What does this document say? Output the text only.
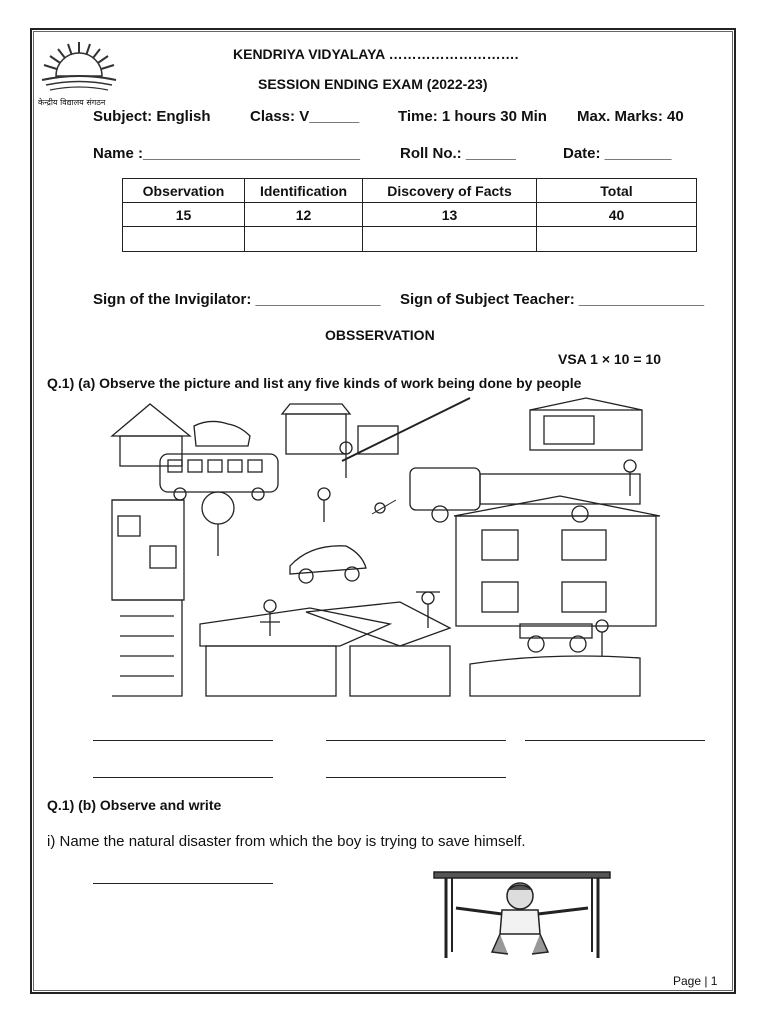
केन्द्रीय विद्यालय संगठन
KENDRIYA VIDYALAYA ……………………….
SESSION ENDING EXAM (2022-23)
Subject: English	Class: V______	Time: 1 hours 30 Min Max. Marks: 40
Name :__________________________	Roll No.: ______	Date: ________
Observation	Identification	Discovery of Facts	Total
15	12	13	40

Sign of the Invigilator: _______________ Sign of Subject Teacher: _______________
OBSSERVATION
VSA 1 × 10 = 10
Q.1) (a) Observe the picture and list any five kinds of work being done by people
Q.1) (b) Observe and write
i) Name the natural disaster from which the boy is trying to save himself.
Page | 1
